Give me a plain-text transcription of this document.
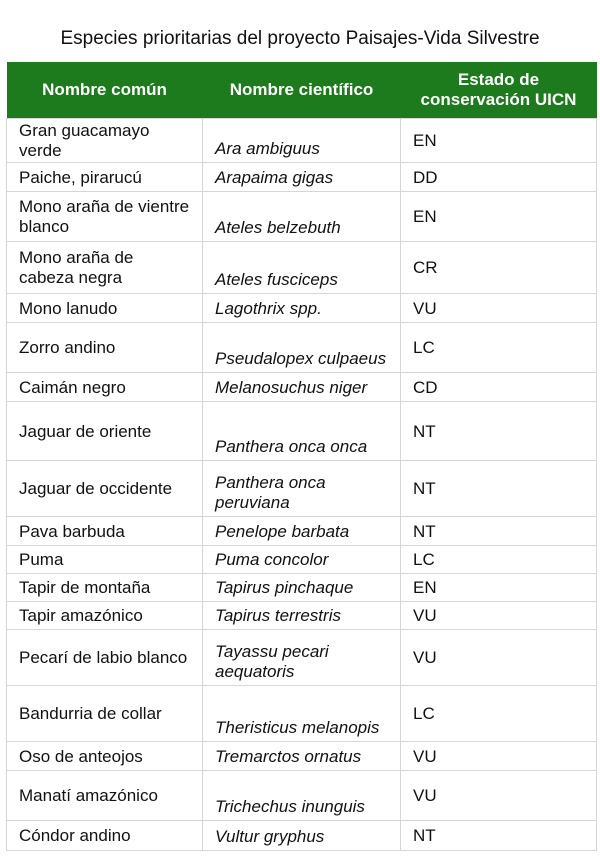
Especies prioritarias del proyecto Paisajes-Vida Silvestre
Nombre común	Nombre científico	Estado de conservación UICN
Gran guacamayo verde	Ara ambiguus	EN
Paiche, pirarucú	Arapaima gigas	DD
Mono araña de vientre blanco	Ateles belzebuth	EN
Mono araña de cabeza negra	Ateles fusciceps	CR
Mono lanudo	Lagothrix spp.	VU
Zorro andino	Pseudalopex culpaeus	LC
Caimán negro	Melanosuchus niger	CD
Jaguar de oriente	Panthera onca onca	NT
Jaguar de occidente	Panthera onca peruviana	NT
Pava barbuda	Penelope barbata	NT
Puma	Puma concolor	LC
Tapir de montaña	Tapirus pinchaque	EN
Tapir amazónico	Tapirus terrestris	VU
Pecarí de labio blanco	Tayassu pecari aequatoris	VU
Bandurria de collar	Theristicus melanopis	LC
Oso de anteojos	Tremarctos ornatus	VU
Manatí amazónico	Trichechus inunguis	VU
Cóndor andino	Vultur gryphus	NT
